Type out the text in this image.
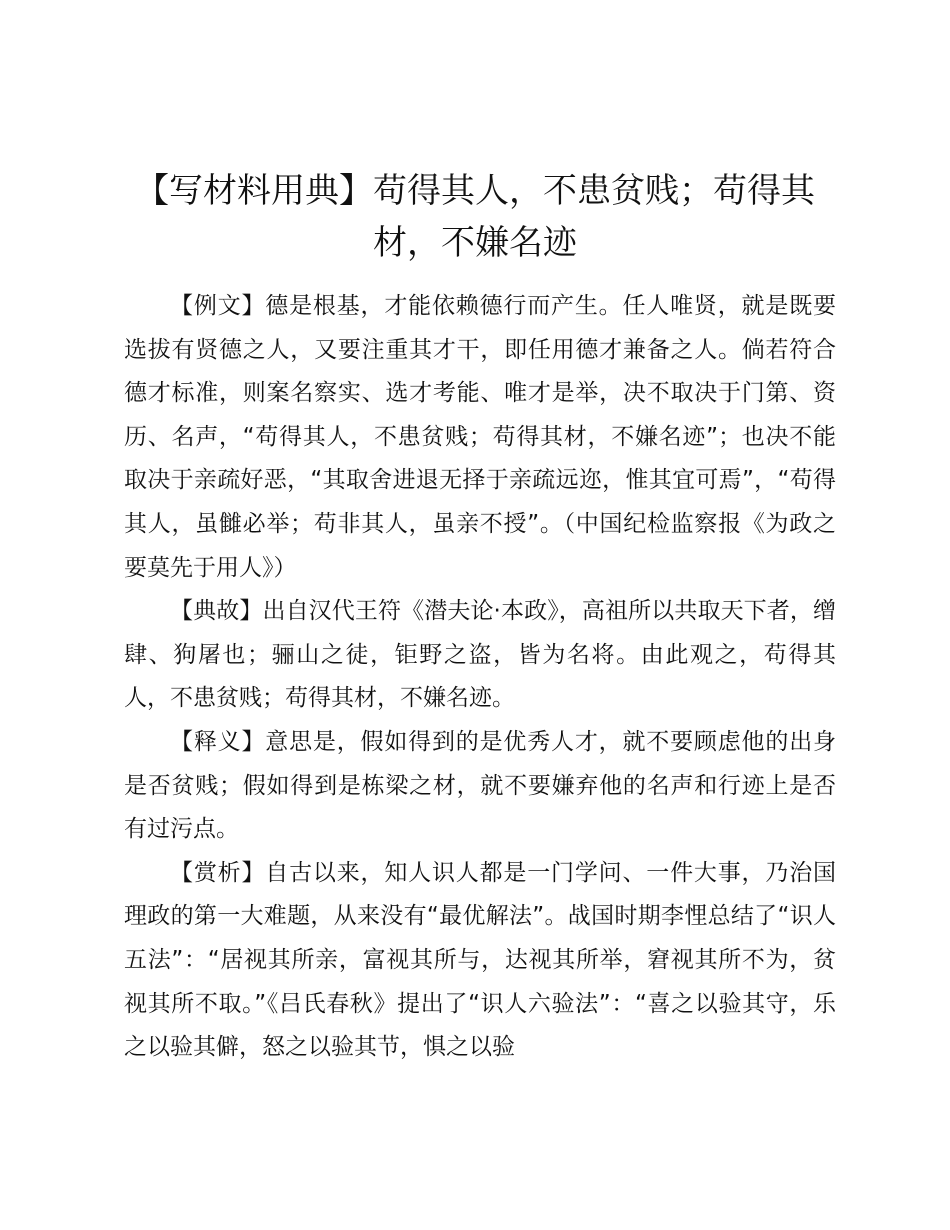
【写材料用典】苟得其人，不患贫贱；苟得其材，不嫌名迹

【例文】德是根基，才能依赖德行而产生。任人唯贤，就是既要选拔有贤德之人，又要注重其才干，即任用德才兼备之人。倘若符合德才标准，则案名察实、选才考能、唯才是举，决不取决于门第、资历、名声，“苟得其人，不患贫贱；苟得其材，不嫌名迹”；也决不能取决于亲疏好恶，“其取舍进退无择于亲疏远迩，惟其宜可焉”，“苟得其人，虽雠必举；苟非其人，虽亲不授”。（中国纪检监察报《为政之要莫先于用人》）

【典故】出自汉代王符《潜夫论·本政》，高祖所以共取天下者，缯肆、狗屠也；骊山之徒，钜野之盗，皆为名将。由此观之，苟得其人，不患贫贱；苟得其材，不嫌名迹。

【释义】意思是，假如得到的是优秀人才，就不要顾虑他的出身是否贫贱；假如得到是栋梁之材，就不要嫌弃他的名声和行迹上是否有过污点。

【赏析】自古以来，知人识人都是一门学问、一件大事，乃治国理政的第一大难题，从来没有“最优解法”。战国时期李悝总结了“识人五法”：“居视其所亲，富视其所与，达视其所举，窘视其所不为，贫视其所不取。”《吕氏春秋》提出了“识人六验法”：“喜之以验其守，乐之以验其僻，怒之以验其节，惧之以验
